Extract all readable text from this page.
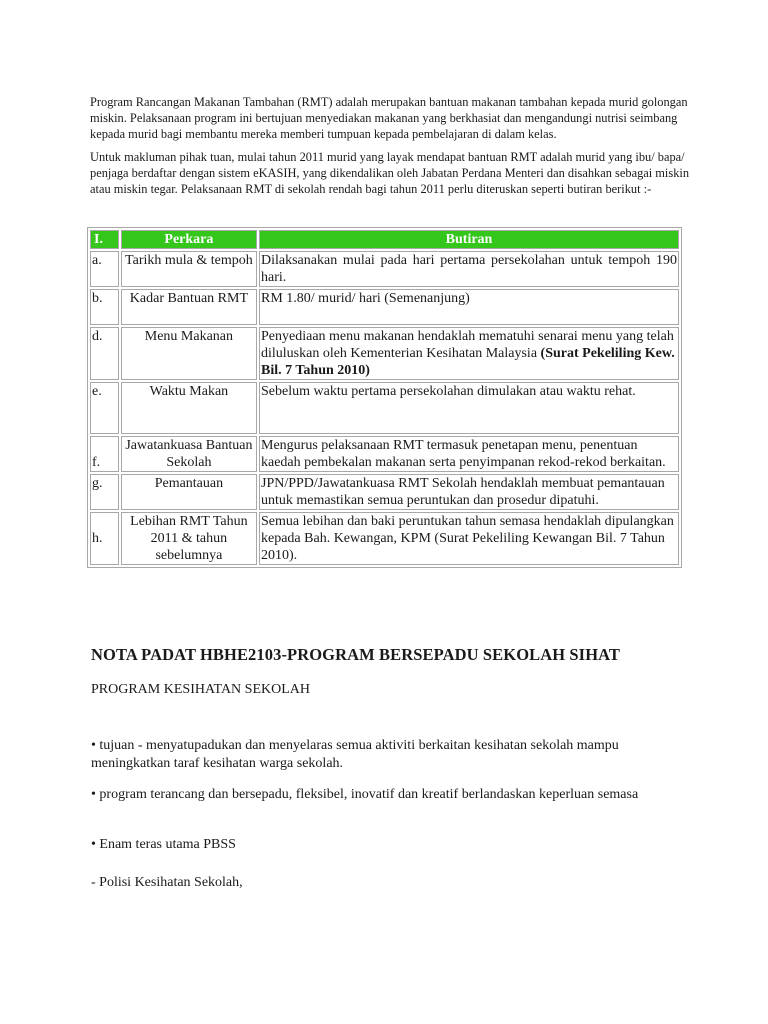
Program Rancangan Makanan Tambahan (RMT) adalah merupakan bantuan makanan tambahan kepada murid golongan miskin. Pelaksanaan program ini bertujuan menyediakan makanan yang berkhasiat dan mengandungi nutrisi seimbang kepada murid bagi membantu mereka memberi tumpuan kepada pembelajaran di dalam kelas.

Untuk makluman pihak tuan, mulai tahun 2011 murid yang layak mendapat bantuan RMT adalah murid yang ibu/ bapa/ penjaga berdaftar dengan sistem eKASIH, yang dikendalikan oleh Jabatan Perdana Menteri dan disahkan sebagai miskin atau miskin tegar. Pelaksanaan RMT di sekolah rendah bagi tahun 2011 perlu diteruskan seperti butiran berikut :-

I.	Perkara	Butiran
a.	Tarikh mula & tempoh	Dilaksanakan mulai pada hari pertama persekolahan untuk tempoh 190 hari.
b.	Kadar Bantuan RMT	RM 1.80/ murid/ hari (Semenanjung)
d.	Menu Makanan	Penyediaan menu makanan hendaklah mematuhi senarai menu yang telah diluluskan oleh Kementerian Kesihatan Malaysia (Surat Pekeliling Kew. Bil. 7 Tahun 2010)
e.	Waktu Makan	Sebelum waktu pertama persekolahan dimulakan atau waktu rehat.
f.	Jawatankuasa Bantuan Sekolah	Mengurus pelaksanaan RMT termasuk penetapan menu, penentuan kaedah pembekalan makanan serta penyimpanan rekod-rekod berkaitan.
g.	Pemantauan	JPN/PPD/Jawatankuasa RMT Sekolah hendaklah membuat pemantauan untuk memastikan semua peruntukan dan prosedur dipatuhi.
h.	Lebihan RMT Tahun 2011 & tahun sebelumnya	Semua lebihan dan baki peruntukan tahun semasa hendaklah dipulangkan kepada Bah. Kewangan, KPM (Surat Pekeliling Kewangan Bil. 7 Tahun 2010).
NOTA PADAT HBHE2103-PROGRAM BERSEPADU SEKOLAH SIHAT

PROGRAM KESIHATAN SEKOLAH

• tujuan - menyatupadukan dan menyelaras semua aktiviti berkaitan kesihatan sekolah mampu meningkatkan taraf kesihatan warga sekolah.

• program terancang dan bersepadu, fleksibel, inovatif dan kreatif berlandaskan keperluan semasa

• Enam teras utama PBSS

- Polisi Kesihatan Sekolah,
